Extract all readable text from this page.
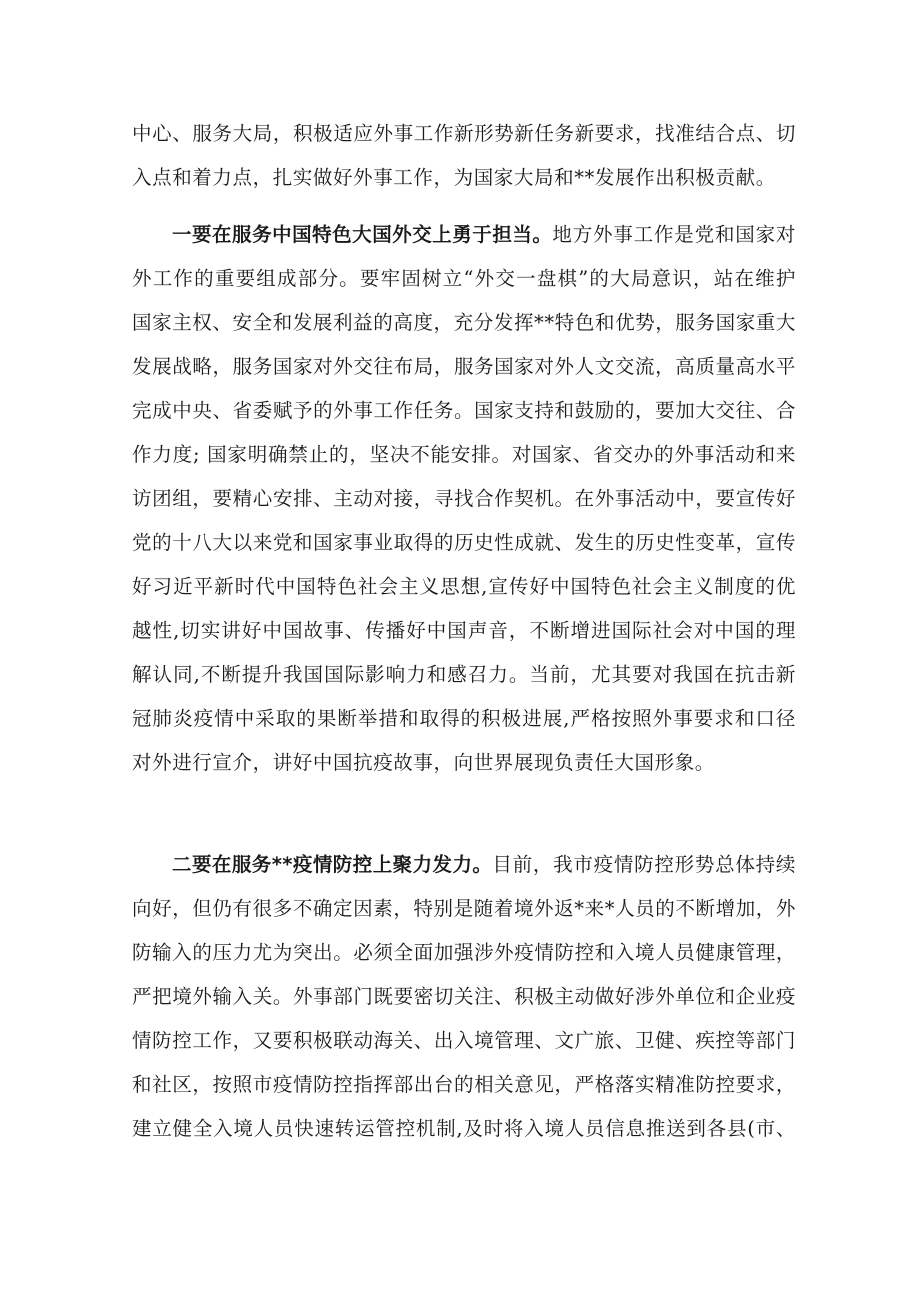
中心、服务大局，积极适应外事工作新形势新任务新要求，找准结合点、切
入点和着力点，扎实做好外事工作，为国家大局和**发展作出积极贡献。
一要在服务中国特色大国外交上勇于担当。地方外事工作是党和国家对
外工作的重要组成部分。要牢固树立“外交一盘棋”的大局意识，站在维护
国家主权、安全和发展利益的高度，充分发挥**特色和优势，服务国家重大
发展战略，服务国家对外交往布局，服务国家对外人文交流，高质量高水平
完成中央、省委赋予的外事工作任务。国家支持和鼓励的，要加大交往、合
作力度; 国家明确禁止的，坚决不能安排。对国家、省交办的外事活动和来
访团组，要精心安排、主动对接，寻找合作契机。在外事活动中，要宣传好
党的十八大以来党和国家事业取得的历史性成就、发生的历史性变革，宣传
好习近平新时代中国特色社会主义思想,宣传好中国特色社会主义制度的优
越性,切实讲好中国故事、传播好中国声音，不断增进国际社会对中国的理
解认同,不断提升我国国际影响力和感召力。当前，尤其要对我国在抗击新
冠肺炎疫情中采取的果断举措和取得的积极进展,严格按照外事要求和口径
对外进行宣介，讲好中国抗疫故事，向世界展现负责任大国形象。
二要在服务**疫情防控上聚力发力。目前，我市疫情防控形势总体持续
向好，但仍有很多不确定因素，特别是随着境外返*来*人员的不断增加，外
防输入的压力尤为突出。必须全面加强涉外疫情防控和入境人员健康管理，
严把境外输入关。外事部门既要密切关注、积极主动做好涉外单位和企业疫
情防控工作，又要积极联动海关、出入境管理、文广旅、卫健、疾控等部门
和社区，按照市疫情防控指挥部出台的相关意见，严格落实精准防控要求，
建立健全入境人员快速转运管控机制,及时将入境人员信息推送到各县(市、
